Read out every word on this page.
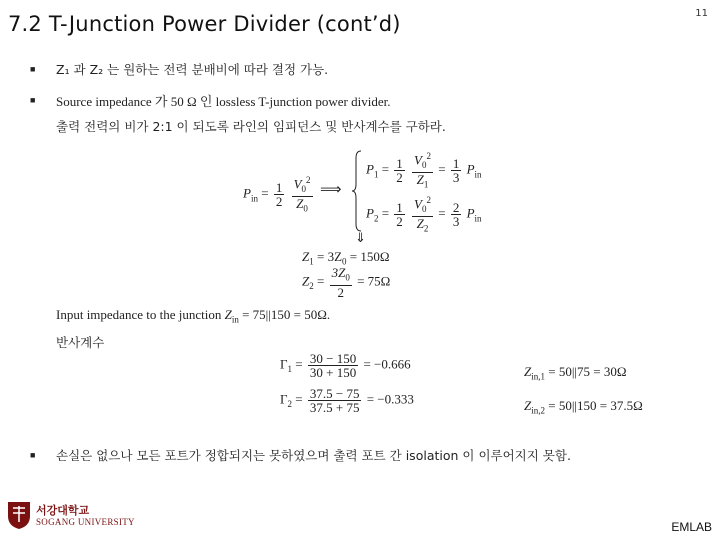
7.2 T-Junction Power Divider (cont’d)	11
■ Z₁ 과 Z₂ 는 원하는 전력 분배비에 따라 결정 가능.
■ Source impedance 가 50 Ω 인 lossless T-junction power divider.
출력 전력의 비가 2:1 이 되도록 라인의 임피던스 및 반사계수를 구하라.
$P_{in} = \frac{1}{2}$
$\frac{V_0^2}{Z_0}$ ⟹
$P_1 = \frac{1}{2}$
$\frac{V_0^2}{Z_1} = \frac{1}{3} P_{in}$
$P_2 = \frac{1}{2}$
$\frac{V_0^2}{Z_2} = \frac{2}{3} P_{in}$
⇓
$Z_1 = 3Z_0 = 150\Omega$
$Z_2 = \frac{3Z_0}{2} = 75\Omega$
Input impedance to the junction $Z_{in} = 75||150 = 50\Omega$.
반사계수
$\Gamma_1 = \frac{30 - 150}{30 + 150} = -0.666$
$\Gamma_2 = \frac{37.5 - 75}{37.5 + 75} = -0.333$
$Z_{in,1} = 50||75 = 30\Omega$
$Z_{in,2} = 50||150 = 37.5\Omega$
■ 손실은 없으나 모든 포트가 정합되지는 못하였으며 출력 포트 간 isolation 이 이루어지지 못함.
서강대학교
SOGANG UNIVERSITY	EMLAB
